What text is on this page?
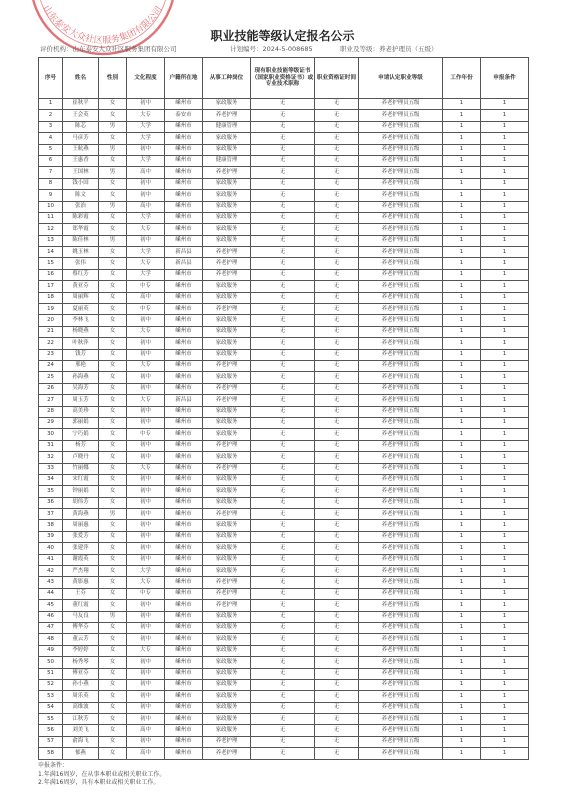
山东泰安大众社区服务集团有限公司
职业技能等级认定报名公示
评价机构：山东泰安大众社区服务集团有限公司	计划编号：2024-5-008685	职业及等级：养老护理员（五级）
序号	姓名	性别	文化程度	户籍所在地	从事工种岗位	现有职业技能等级证书（国家职业资格证书）或专业技术职称	职业资格证时间	申请认定职业等级	工作年份	申报条件
1	崔秋平	女	初中	嵊州市	家政服务	无	无	养老护理员五级	1	1
2	王会英	女	大专	泰安市	养老护理	无	无	养老护理员五级	1	1
3	陈芯	男	大学	嵊州市	健康管理	无	无	养老护理员五级	1	1
4	马彦芳	女	大学	嵊州市	家政服务	无	无	养老护理员五级	1	1
5	王航燕	男	初中	嵊州市	家政服务	无	无	养老护理员五级	1	1
6	王惠香	女	大学	嵊州市	健康管理	无	无	养老护理员五级	1	1
7	王国林	男	高中	嵊州市	养老护理	无	无	养老护理员五级	1	1
8	钱小国	女	初中	嵊州市	家政服务	无	无	养老护理员五级	1	1
9	陈文	女	初中	嵊州市	家政服务	无	无	养老护理员五级	1	1
10	张治	男	高中	嵊州市	家政服务	无	无	养老护理员五级	1	1
11	陈彩霞	女	大学	嵊州市	家政服务	无	无	养老护理员五级	1	1
12	郑华霞	女	大专	嵊州市	家政服务	无	无	养老护理员五级	1	1
13	陈佳林	男	初中	嵊州市	家政服务	无	无	养老护理员五级	1	1
14	姚玉林	女	大学	新昌县	养老护理	无	无	养老护理员五级	1	1
15	张伟	女	大专	新昌县	养老护理	无	无	养老护理员五级	1	1
16	蔡红芳	女	大学	嵊州市	养老护理	无	无	养老护理员五级	1	1
17	黄亚芬	女	中专	嵊州市	家政服务	无	无	养老护理员五级	1	1
18	周丽辉	女	高中	嵊州市	家政服务	无	无	养老护理员五级	1	1
19	夏丽英	女	中专	嵊州市	养老护理	无	无	养老护理员五级	1	1
20	李林飞	女	初中	嵊州市	家政服务	无	无	养老护理员五级	1	1
21	杨晓燕	女	大专	嵊州市	家政服务	无	无	养老护理员五级	1	1
22	叶秋萍	女	初中	嵊州市	家政服务	无	无	养老护理员五级	1	1
23	钱芳	女	初中	嵊州市	家政服务	无	无	养老护理员五级	1	1
24	邢艳	女	大专	嵊州市	养老护理	无	无	养老护理员五级	1	1
25	孙海燕	女	初中	嵊州市	家政服务	无	无	养老护理员五级	1	1
26	吴海芳	女	初中	嵊州市	养老护理	无	无	养老护理员五级	1	1
27	周玉芳	女	大专	新昌县	养老护理	无	无	养老护理员五级	1	1
28	高美珍	女	初中	嵊州市	家政服务	无	无	养老护理员五级	1	1
29	郭丽娟	女	初中	嵊州市	家政服务	无	无	养老护理员五级	1	1
30	宁巧娟	女	中专	嵊州市	家政服务	无	无	养老护理员五级	1	1
31	杨芳	女	初中	嵊州市	养老护理	无	无	养老护理员五级	1	1
32	卢晓丹	女	初中	嵊州市	家政服务	无	无	养老护理员五级	1	1
33	竹丽娜	女	大专	嵊州市	养老护理	无	无	养老护理员五级	1	1
34	宋红霞	女	初中	嵊州市	家政服务	无	无	养老护理员五级	1	1
35	钟丽娟	女	初中	嵊州市	家政服务	无	无	养老护理员五级	1	1
36	胡伟芳	女	初中	嵊州市	家政服务	无	无	养老护理员五级	1	1
37	黄海燕	男	初中	嵊州市	养老护理	无	无	养老护理员五级	1	1
38	周丽惠	女	初中	嵊州市	家政服务	无	无	养老护理员五级	1	1
39	张爱芳	女	初中	嵊州市	家政服务	无	无	养老护理员五级	1	1
40	张建萍	女	初中	嵊州市	家政服务	无	无	养老护理员五级	1	1
41	谢霞英	女	初中	嵊州市	家政服务	无	无	养老护理员五级	1	1
42	严杰翔	女	大学	嵊州市	家政服务	无	无	养老护理员五级	1	1
43	黄影惠	女	大专	嵊州市	养老护理	无	无	养老护理员五级	1	1
44	王芬	女	中专	嵊州市	养老护理	无	无	养老护理员五级	1	1
45	董红霞	女	初中	嵊州市	养老护理	无	无	养老护理员五级	1	1
46	马友良	男	初中	嵊州市	家政服务	无	无	养老护理员五级	1	1
47	傅华芬	女	初中	嵊州市	家政服务	无	无	养老护理员五级	1	1
48	董云芳	女	初中	嵊州市	家政服务	无	无	养老护理员五级	1	1
49	李婷婷	女	大专	嵊州市	家政服务	无	无	养老护理员五级	1	1
50	杨秀琴	女	初中	嵊州市	家政服务	无	无	养老护理员五级	1	1
51	傅亚芬	女	初中	嵊州市	家政服务	无	无	养老护理员五级	1	1
52	孙小燕	女	初中	嵊州市	家政服务	无	无	养老护理员五级	1	1
53	周乐英	女	初中	嵊州市	家政服务	无	无	养老护理员五级	1	1
54	高维波	女	初中	嵊州市	家政服务	无	无	养老护理员五级	1	1
55	江秋芳	女	初中	嵊州市	家政服务	无	无	养老护理员五级	1	1
56	刘美飞	女	高中	嵊州市	家政服务	无	无	养老护理员五级	1	1
57	俞海飞	女	初中	嵊州市	养老护理	无	无	养老护理员五级	1	1
58	郁燕	女	高中	嵊州市	养老护理	无	无	养老护理员五级	1	1
申报条件：
1.年满16周岁，在从事本职业或相关职业工作。
2.年满16周岁，具有本职业或相关职业工作。
